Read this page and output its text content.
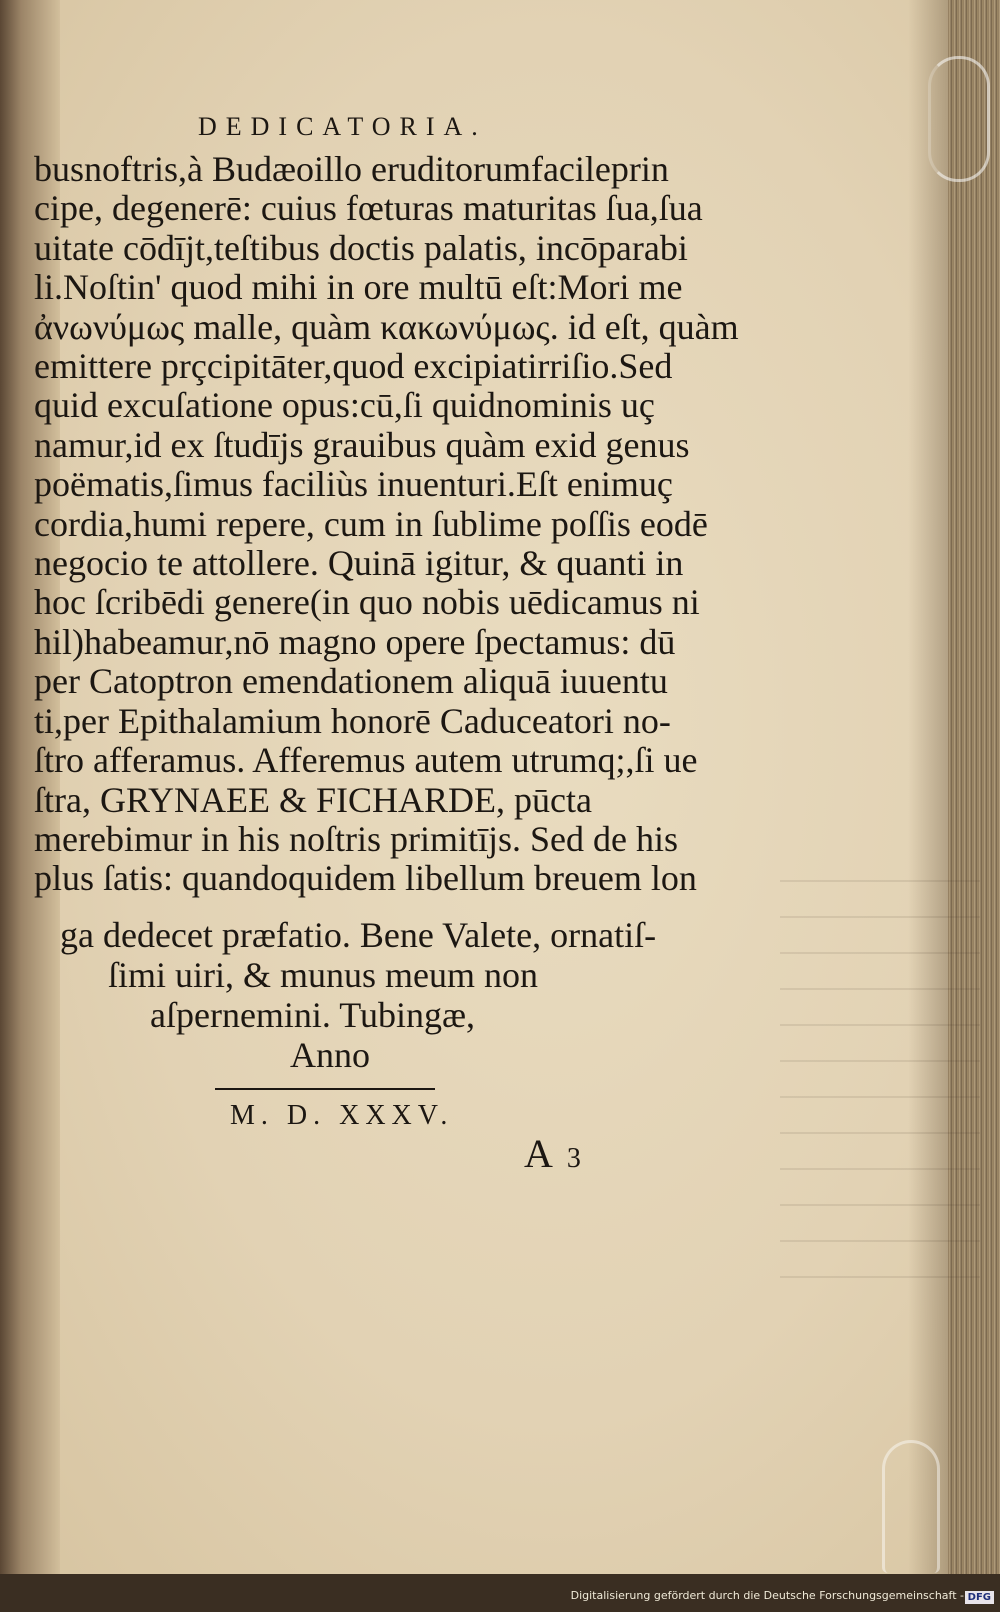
DEDICATORIA.
busnoftris,à Budæoillo eruditorumfacileprin
cipe, degenerē: cuius fœturas maturitas ſua,ſua
uitate cōdījt,teſtibus doctis palatis, incōparabi
li.Noſtin' quod mihi in ore multū eſt:Mori me
ἀνωνύμως malle, quàm κακωνύμως. id eſt, quàm
emittere prçcipitāter,quod excipiatirriſio.Sed
quid excuſatione opus:cū,ſi quidnominis uç
namur,id ex ſtudījs grauibus quàm exid genus
poëmatis,ſimus faciliùs inuenturi.Eſt enimuç
cordia,humi repere, cum in ſublime poſſis eodē
negocio te attollere. Quinā igitur, & quanti in
hoc ſcribēdi genere(in quo nobis uēdicamus ni
hil)habeamur,nō magno opere ſpectamus: dū
per Catoptron emendationem aliquā iuuentu
ti,per Epithalamium honorē Caduceatori no-
ſtro afferamus. Afferemus autem utrumq;,ſi ue
ſtra, GRYNAEE & FICHARDE, pūcta
merebimur in his noſtris primitījs. Sed de his
plus ſatis: quandoquidem libellum breuem lon
ga dedecet præfatio. Bene Valete, ornatiſ-
ſimi uiri, & munus meum non
aſpernemini. Tubingæ,
Anno
M. D. XXXV.
A 3
Digitalisierung gefördert durch die Deutsche Forschungsgemeinschaft - DFG
